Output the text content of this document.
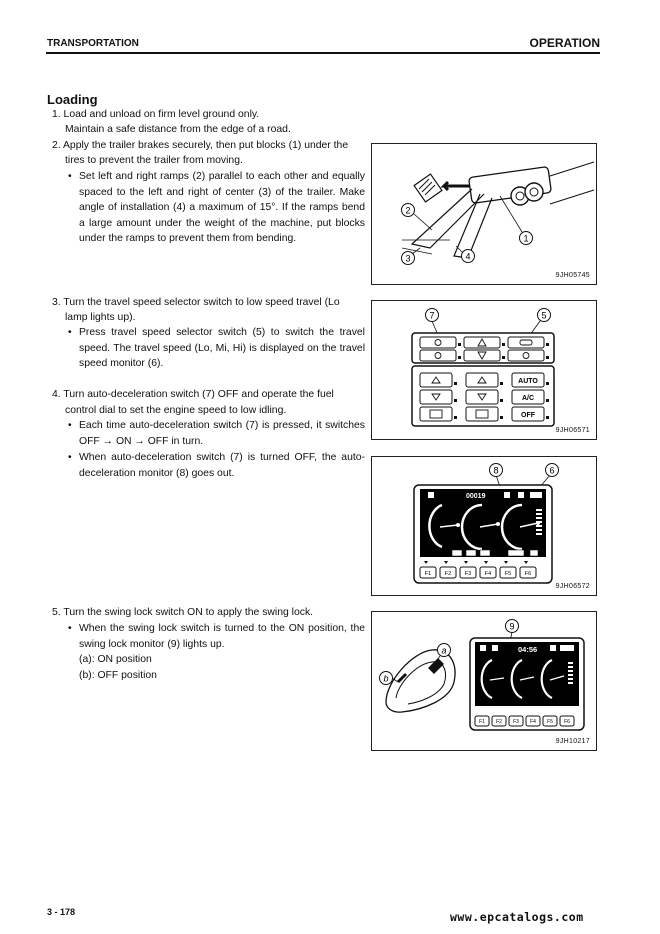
TRANSPORTATION	OPERATION
Loading
1. Load and unload on firm level ground only.
Maintain a safe distance from the edge of a road.
2. Apply the trailer brakes securely, then put blocks (1) under the
tires to prevent the trailer from moving.
• Set left and right ramps (2) parallel to each other and equally spaced to the left and right of center (3) of the trailer. Make angle of installation (4) a maximum of 15°. If the ramps bend a large amount under the weight of the machine, put blocks under the ramps to prevent them from bending.
3. Turn the travel speed selector switch to low speed travel (Lo
lamp lights up).
• Press travel speed selector switch (5) to switch the travel speed. The travel speed (Lo, Mi, Hi) is displayed on the travel speed monitor (6).
4. Turn auto-deceleration switch (7) OFF and operate the fuel
control dial to set the engine speed to low idling.
• Each time auto-deceleration switch (7) is pressed, it switches OFF → ON → OFF in turn.
• When auto-deceleration switch (7) is turned OFF, the auto-deceleration monitor (8) goes out.
5. Turn the swing lock switch ON to apply the swing lock.
• When the swing lock switch is turned to the ON position, the swing lock monitor (9) lights up.
(a): ON position
(b): OFF position
1
2
3	4
9JH05745
7	5
AUTO
A/C
OFF
9JH06571
8	6
00019
F1 F2 F3 F4 F5 F6
9JH06572
a
b
9
04:56
F1 F2 F3 F4 F5 F6
9JH10217
3 - 178	www.epcatalogs.com
